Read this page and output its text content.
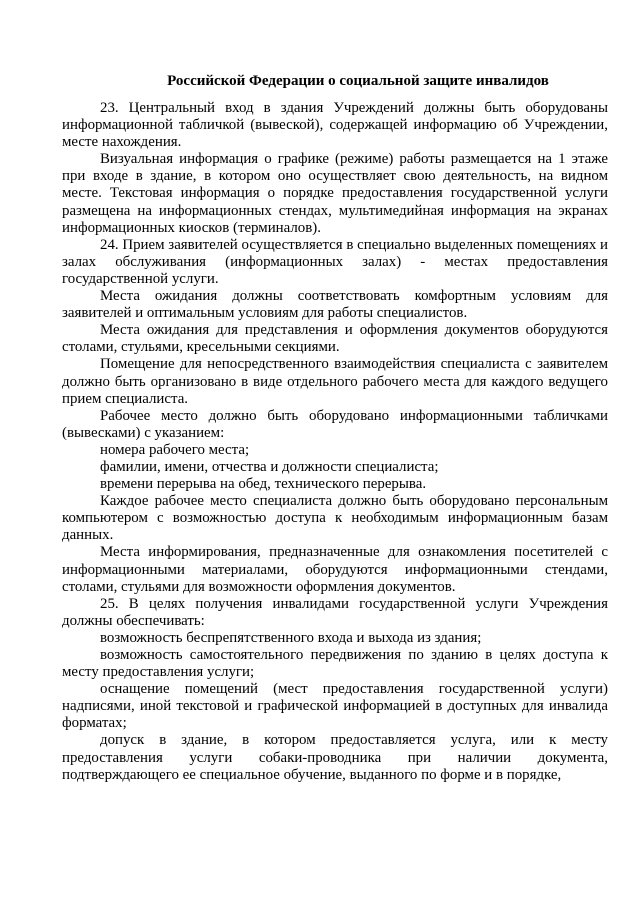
Российской Федерации о социальной защите инвалидов

23. Центральный вход в здания Учреждений должны быть оборудованы информационной табличкой (вывеской), содержащей информацию об Учреждении, месте нахождения.

Визуальная информация о графике (режиме) работы размещается на 1 этаже при входе в здание, в котором оно осуществляет свою деятельность, на видном месте. Текстовая информация о порядке предоставления государственной услуги размещена на информационных стендах, мультимедийная информация на экранах информационных киосков (терминалов).

24. Прием заявителей осуществляется в специально выделенных помещениях и залах обслуживания (информационных залах) - местах предоставления государственной услуги.

Места ожидания должны соответствовать комфортным условиям для заявителей и оптимальным условиям для работы специалистов.

Места ожидания для представления и оформления документов оборудуются столами, стульями, кресельными секциями.

Помещение для непосредственного взаимодействия специалиста с заявителем должно быть организовано в виде отдельного рабочего места для каждого ведущего прием специалиста.

Рабочее место должно быть оборудовано информационными табличками (вывесками) с указанием:

номера рабочего места;

фамилии, имени, отчества и должности специалиста;

времени перерыва на обед, технического перерыва.

Каждое рабочее место специалиста должно быть оборудовано персональным компьютером с возможностью доступа к необходимым информационным базам данных.

Места информирования, предназначенные для ознакомления посетителей с информационными материалами, оборудуются информационными стендами, столами, стульями для возможности оформления документов.

25. В целях получения инвалидами государственной услуги Учреждения должны обеспечивать:

возможность беспрепятственного входа и выхода из здания;

возможность самостоятельного передвижения по зданию в целях доступа к месту предоставления услуги;

оснащение помещений (мест предоставления государственной услуги) надписями, иной текстовой и графической информацией в доступных для инвалида форматах;

допуск в здание, в котором предоставляется услуга, или к месту предоставления услуги собаки-проводника при наличии документа, подтверждающего ее специальное обучение, выданного по форме и в порядке,
